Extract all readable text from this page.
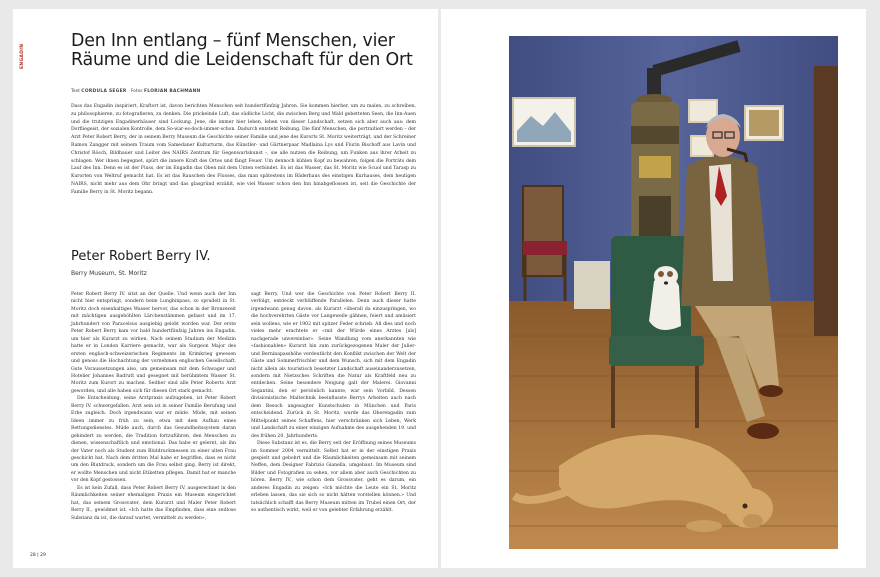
ENGADIN
Den Inn entlang – fünf Menschen, vier Räume und die Leidenschaft für den Ort
Text CORDULA SEGER Fotos FLORIAN BACHMANN
Dass das Engadin inspiriert, Kraftort ist, davon berichten Menschen seit hundertfünfzig Jahren. Sie kommen hierher, um zu malen, zu schreiben, zu philosophieren, zu fotografieren, zu denken. Die prickelnde Luft, das südliche Licht, die zwischen Berg und Wald gebetteten Seen, die Inn-Auen und die trutzigen Engadinerhäuser sind Lockung. Jene, die immer hier leben, leben von dieser Landschaft, setzen sich aber auch aus: dem Dorfliegeist, der sozialen Kontrolle, dem So-war-es-doch-immer-schon. Dadurch entsteht Reibung. Die fünf Menschen, die portraitiert werden – der Arzt Peter Robert Berry, der in seinem Berry Museum die Geschichte seiner Familie und jene des Kurorts St. Moritz weiterträgt, und der Schreiner Ramon Zangger mit seinem Traum vom Samedaner Kulturturm, das Künstler- und Gärtnerpaar Madlaina Lys und Flurin Bischoff aus Lavin und Christof Rösch, Bildhauer und Leiter des NAIRS Zentrum für Gegenwartskunst –, sie alle nutzen die Reibung, um Funken aus ihrer Arbeit zu schlagen. Wer ihnen begegnet, spürt die innere Kraft des Ortes und fängt Feuer. Um dennoch kühlen Kopf zu bewahren, folgen die Porträts dem Lauf des Inn. Denn es ist der Fluss, der im Engadin das Oben mit dem Unten verbindet. Es ist das Wasser, das St. Moritz wie Scuol und Tarasp zu Kurorten von Weltruf gemacht hat. Es ist das Rauschen des Flusses, das man spätestens im Bäderhaus des einstigen Kurhauses, dem heutigen NAIRS, nicht mehr aus dem Ohr bringt und das glasgründ erzählt, wie viel Wasser schon den Inn hinabgeflossen ist, seit die Geschichte der Familie Berry in St. Moritz begann.
Peter Robert Berry IV.
Berry Museum, St. Moritz

Peter Robert Berry IV. sitzt an der Quelle. Und wenn auch der Inn nicht hier entspringt, sondern beim Lunghinpass, so sprudelt in St. Moritz doch eisenhaltiges Wasser hervor, das schon in der Bronzezeit mit mächtigen ausgehöhlten Lärchenstämmen gefasst und im 17. Jahrhundert von Paracelsus ausgiebig gelobt worden war. Der erste Peter Robert Berry kam vor bald hundertfünfzig Jahren ins Engadin, um hier als Kurarzt zu wirken. Nach seinem Studium der Medizin hatte er in London Karriere gemacht, war als Surgeon Major des ersten englisch-schweizerischen Regiments im Krimkrieg gewesen und genoss die Hochachtung der vornehmen englischen Gesellschaft. Gute Voraussetzungen also, um gemeinsam mit dem Schwager und Hotelier Johannes Badrutt und gesegnet mit berühmtem Wasser St. Moritz zum Kurort zu machen. Seither sind alle Peter Roberts Arzt geworden, und alle haben sich für diesen Ort stark gemacht.

Die Entscheidung, seine Arztpraxis aufzugeben, ist Peter Robert Berry IV. schwergefallen. Arzt sein ist in seiner Familie Berufung und Erbe zugleich. Doch irgendwann war er müde. Müde, mit seinen Ideen immer zu früh zu sein, etwa mit dem Aufbau eines Rettungsdienstes. Müde auch, durch das Gesundheitssystem daran gehindert zu werden, die Tradition fortzuführen, den Menschen zu dienen, wissenschaftlich und emotional. Das habe er gelernt, als ihn der Vater noch als Student zum Blutdruckmessen zu einer alten Frau geschickt hat. Nach dem dritten Mal habe er begriffen, dass es nicht um den Blutdruck, sondern um die Frau selbst ging. Berry ist direkt, er wollte Menschen und nicht Etiketten pflegen. Damit hat er manche vor den Kopf gestossen.

Es ist kein Zufall, dass Peter Robert Berry IV. ausgerechnet in den Räumlichkeiten seiner ehemaligen Praxis ein Museum eingerichtet hat, das seinem Grossvater, dem Kurarzt und Maler Peter Robert Berry II., gewidmet ist. «Ich hatte das Empfinden, dass eine zeitlose Substanz da ist, die darauf wartet, vermittelt zu werden»,

sagt Berry. Und wer die Geschichte von Peter Robert Berry II. verfolgt, entdeckt verblüffende Parallelen. Denn auch dieser hatte irgendwann genug davon, als Kurarzt «überall da einzuspringen, wo die hochverehrten Gäste vor Langeweile gähnen, feiert und amüsiert sein wollens, wie er 1902 mit spitzer Feder schrieb. All dies und noch vieles mehr erachtete er «mit der Würde eines Arztes [als] nachgerade unvereinbar». Seine Wandlung vom anerkannten wie «fashionablen» Kurarzt hin zum zurückgezogenen Maler der Julier- und Berninapasshöhe verdeutlicht den Konflikt zwischen der Welt der Gäste und Sommerfrischler und dem Wunsch, sich mit dem Engadin nicht allein als touristisch besetzter Landschaft auseinanderzusetzen, sondern mit Nietzsches Schriften die Natur als Kraftfeld neu zu entdecken. Seine besondere Neigung galt der Malerei. Giovanni Segantini, den er persönlich kannte, war sein Vorbild. Dessen divisionistische Maltechnik beeinflusste Berrys Arbeiten auch nach dem Besuch angesagter Kunstschulen in München und Paris entscheidend. Zurück in St. Moritz, wurde das Oberengadin zum Mittelpunkt seines Schaffens, hier verschränken sich Leben, Werk und Landschaft zu einer einzigen Aufnahme des ausgehenden 19. und des frühen 20. Jahrhunderts.

Diese Substanz ist es, die Berry seit der Eröffnung seines Museums im Sommer 2004 vermittelt. Selbst hat er in der einstigen Praxis gespielt und gebohrt und die Räumlichkeiten gemeinsam mit seinem Neffen, dem Designer Fabrizio Gianella, umgebaut. Im Museum sind Bilder und Fotografien zu sehen, vor allem aber auch Geschichten zu hören. Berry IV., wie schon dem Grossvater, geht es darum, ein anderes Engadin zu zeigen: «Ich möchte die Leute ein St. Moritz erleben lassen, das sie sich so nicht hätten vorstellen können.» Und tatsächlich schafft das Berry Museum mitten im Trubel einen Ort, der so authentisch wirkt, weil er von gelebter Erfahrung erzählt.

28 | 29
